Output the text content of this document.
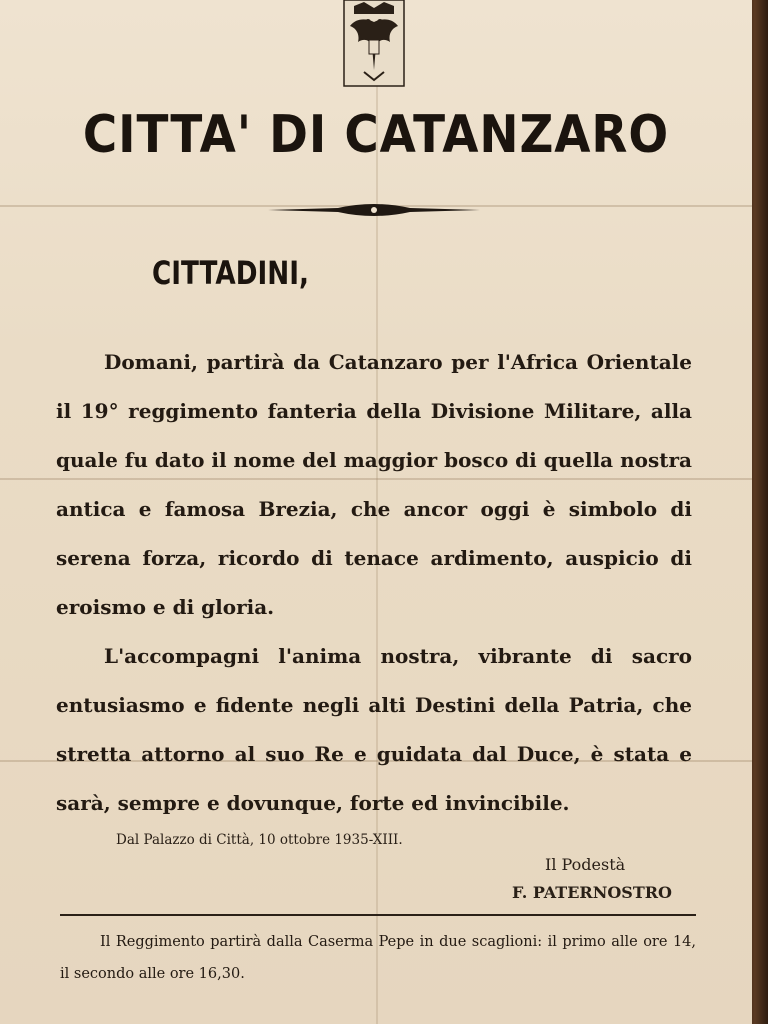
CITTA' DI CATANZARO
CITTADINI,

Domani, partirà da Catanzaro per l'Africa Orientale il 19° reggimento fanteria della Divisione Militare, alla quale fu dato il nome del maggior bosco di quella nostra antica e famosa Brezia, che ancor oggi è simbolo di serena forza, ricordo di tenace ardimento, auspicio di eroismo e di gloria.

L'accompagni l'anima nostra, vibrante di sacro entusiasmo e fidente negli alti Destini della Patria, che stretta attorno al suo Re e guidata dal Duce, è stata e sarà, sempre e dovunque, forte ed invincibile.

Dal Palazzo di Città, 10 ottobre 1935-XIII.
Il Podestà
F. PATERNOSTRO

Il Reggimento partirà dalla Caserma Pepe in due scaglioni: il primo alle ore 14, il secondo alle ore 16,30.
